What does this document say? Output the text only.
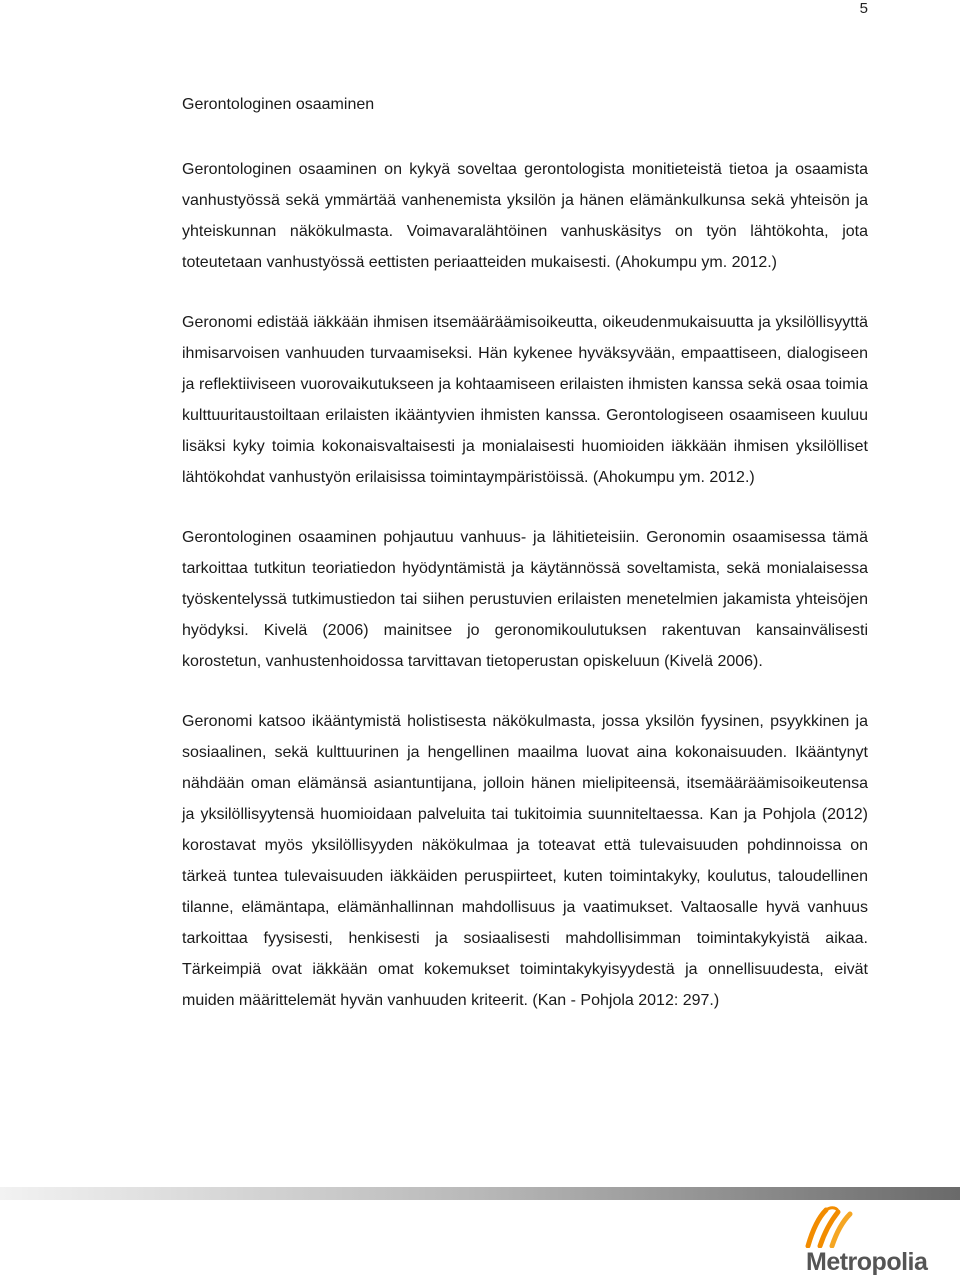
5
Gerontologinen osaaminen

Gerontologinen osaaminen on kykyä soveltaa gerontologista monitieteistä tietoa ja osaamista vanhustyössä sekä ymmärtää vanhenemista yksilön ja hänen elämänkulkunsa sekä yhteisön ja yhteiskunnan näkökulmasta. Voimavaralähtöinen vanhuskäsitys on työn lähtökohta, jota toteutetaan vanhustyössä eettisten periaatteiden mukaisesti. (Ahokumpu ym. 2012.)

Geronomi edistää iäkkään ihmisen itsemääräämisoikeutta, oikeudenmukaisuutta ja yksilöllisyyttä ihmisarvoisen vanhuuden turvaamiseksi. Hän kykenee hyväksyvään, empaattiseen, dialogiseen ja reflektiiviseen vuorovaikutukseen ja kohtaamiseen erilaisten ihmisten kanssa sekä osaa toimia kulttuuritaustoiltaan erilaisten ikääntyvien ihmisten kanssa. Gerontologiseen osaamiseen kuuluu lisäksi kyky toimia kokonaisvaltaisesti ja monialaisesti huomioiden iäkkään ihmisen yksilölliset lähtökohdat vanhustyön erilaisissa toimintaympäristöissä. (Ahokumpu ym. 2012.)

Gerontologinen osaaminen pohjautuu vanhuus- ja lähitieteisiin. Geronomin osaamisessa tämä tarkoittaa tutkitun teoriatiedon hyödyntämistä ja käytännössä soveltamista, sekä monialaisessa työskentelyssä tutkimustiedon tai siihen perustuvien erilaisten menetelmien jakamista yhteisöjen hyödyksi. Kivelä (2006) mainitsee jo geronomikoulutuksen rakentuvan kansainvälisesti korostetun, vanhustenhoidossa tarvittavan tietoperustan opiskeluun (Kivelä 2006).

Geronomi katsoo ikääntymistä holistisesta näkökulmasta, jossa yksilön fyysinen, psyykkinen ja sosiaalinen, sekä kulttuurinen ja hengellinen maailma luovat aina kokonaisuuden. Ikääntynyt nähdään oman elämänsä asiantuntijana, jolloin hänen mielipiteensä, itsemääräämisoikeutensa ja yksilöllisyytensä huomioidaan palveluita tai tukitoimia suunniteltaessa. Kan ja Pohjola (2012) korostavat myös yksilöllisyyden näkökulmaa ja toteavat että tulevaisuuden pohdinnoissa on tärkeä tuntea tulevaisuuden iäkkäiden peruspiirteet, kuten toimintakyky, koulutus, taloudellinen tilanne, elämäntapa, elämänhallinnan mahdollisuus ja vaatimukset. Valtaosalle hyvä vanhuus tarkoittaa fyysisesti, henkisesti ja sosiaalisesti mahdollisimman toimintakykyistä aikaa. Tärkeimpiä ovat iäkkään omat kokemukset toimintakykyisyydestä ja onnellisuudesta, eivät muiden määrittelemät hyvän vanhuuden kriteerit. (Kan - Pohjola 2012: 297.)

Metropolia
